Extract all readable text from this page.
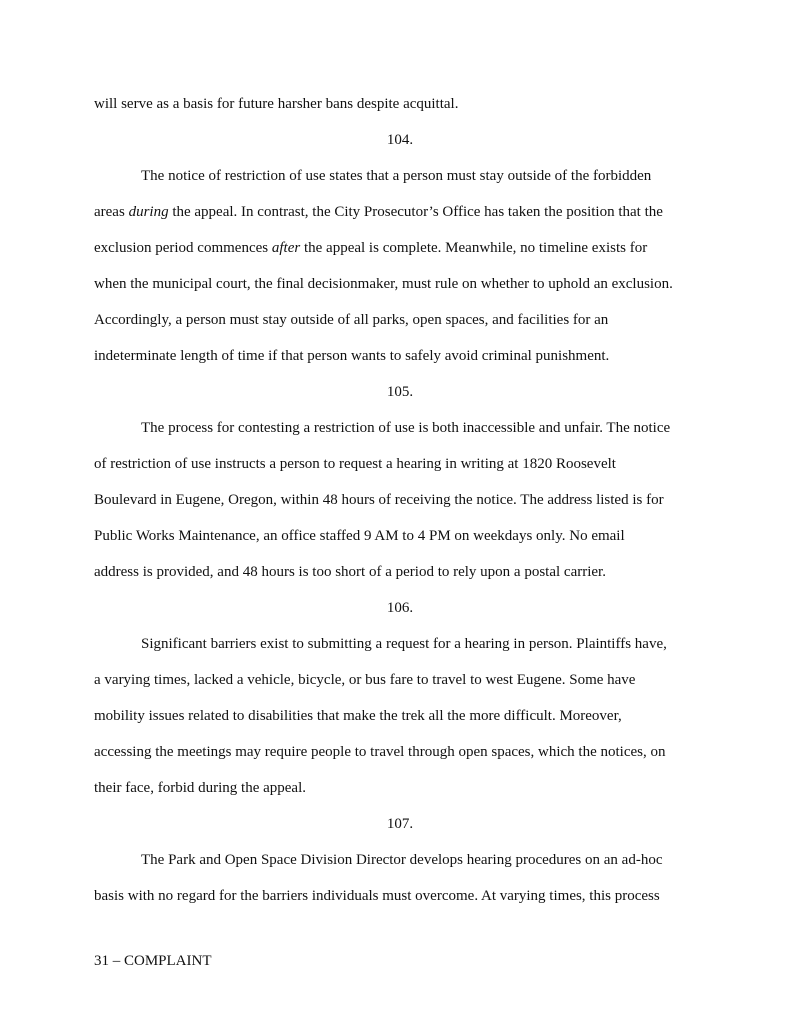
will serve as a basis for future harsher bans despite acquittal.
104.
The notice of restriction of use states that a person must stay outside of the forbidden
areas during the appeal. In contrast, the City Prosecutor’s Office has taken the position that the
exclusion period commences after the appeal is complete. Meanwhile, no timeline exists for
when the municipal court, the final decisionmaker, must rule on whether to uphold an exclusion.
Accordingly, a person must stay outside of all parks, open spaces, and facilities for an
indeterminate length of time if that person wants to safely avoid criminal punishment.
105.
The process for contesting a restriction of use is both inaccessible and unfair. The notice
of restriction of use instructs a person to request a hearing in writing at 1820 Roosevelt
Boulevard in Eugene, Oregon, within 48 hours of receiving the notice. The address listed is for
Public Works Maintenance, an office staffed 9 AM to 4 PM on weekdays only. No email
address is provided, and 48 hours is too short of a period to rely upon a postal carrier.
106.
Significant barriers exist to submitting a request for a hearing in person. Plaintiffs have,
a varying times, lacked a vehicle, bicycle, or bus fare to travel to west Eugene. Some have
mobility issues related to disabilities that make the trek all the more difficult. Moreover,
accessing the meetings may require people to travel through open spaces, which the notices, on
their face, forbid during the appeal.
107.
The Park and Open Space Division Director develops hearing procedures on an ad-hoc
basis with no regard for the barriers individuals must overcome. At varying times, this process
31 – COMPLAINT
